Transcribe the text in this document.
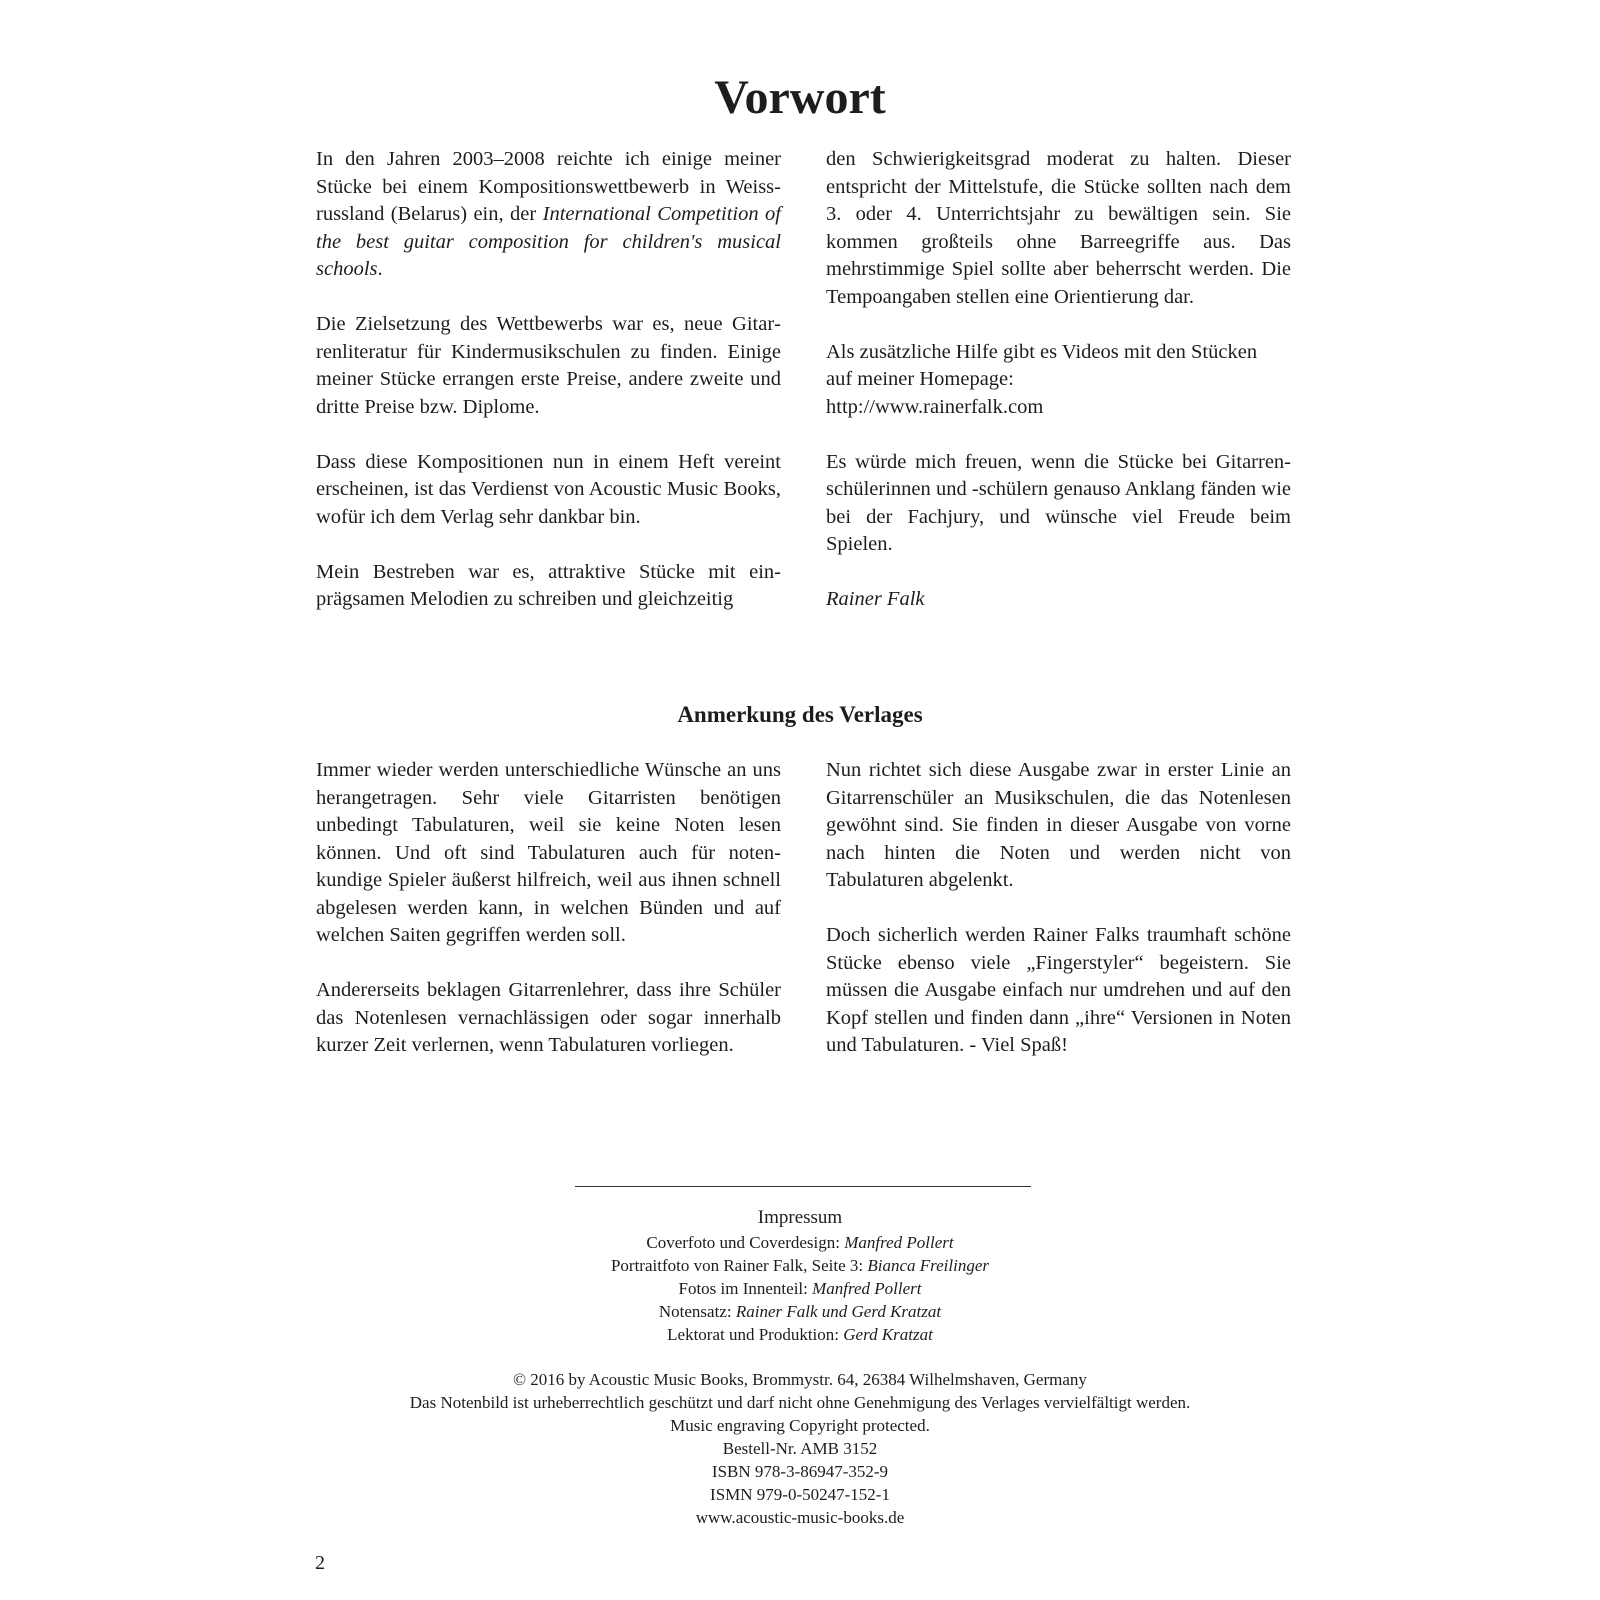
Vorwort

In den Jahren 2003–2008 reichte ich einige meiner Stücke bei einem Kompositionswettbewerb in Weissrussland (Belarus) ein, der International Competition of the best guitar composition for children's musical schools.

Die Zielsetzung des Wettbewerbs war es, neue Gitarrenliteratur für Kindermusikschulen zu finden. Einige meiner Stücke errangen erste Preise, andere zweite und dritte Preise bzw. Diplome.

Dass diese Kompositionen nun in einem Heft vereint erscheinen, ist das Verdienst von Acoustic Music Books, wofür ich dem Verlag sehr dankbar bin.

Mein Bestreben war es, attraktive Stücke mit einprägsamen Melodien zu schreiben und gleichzeitig

den Schwierigkeitsgrad moderat zu halten. Dieser entspricht der Mittelstufe, die Stücke sollten nach dem 3. oder 4. Unterrichtsjahr zu bewältigen sein. Sie kommen großteils ohne Barreegriffe aus. Das mehrstimmige Spiel sollte aber beherrscht werden. Die Tempoangaben stellen eine Orientierung dar.

Als zusätzliche Hilfe gibt es Videos mit den Stücken
auf meiner Homepage:
http://www.rainerfalk.com

Es würde mich freuen, wenn die Stücke bei Gitarrenschülerinnen und -schülern genauso Anklang fänden wie bei der Fachjury, und wünsche viel Freude beim Spielen.

Rainer Falk

Anmerkung des Verlages

Immer wieder werden unterschiedliche Wünsche an uns herangetragen. Sehr viele Gitarristen benötigen unbedingt Tabulaturen, weil sie keine Noten lesen können. Und oft sind Tabulaturen auch für notenkundige Spieler äußerst hilfreich, weil aus ihnen schnell abgelesen werden kann, in welchen Bünden und auf welchen Saiten gegriffen werden soll.

Andererseits beklagen Gitarrenlehrer, dass ihre Schüler das Notenlesen vernachlässigen oder sogar innerhalb kurzer Zeit verlernen, wenn Tabulaturen vorliegen.

Nun richtet sich diese Ausgabe zwar in erster Linie an Gitarrenschüler an Musikschulen, die das Notenlesen gewöhnt sind. Sie finden in dieser Ausgabe von vorne nach hinten die Noten und werden nicht von Tabulaturen abgelenkt.

Doch sicherlich werden Rainer Falks traumhaft schöne Stücke ebenso viele „Fingerstyler“ begeistern. Sie müssen die Ausgabe einfach nur umdrehen und auf den Kopf stellen und finden dann „ihre“ Versionen in Noten und Tabulaturen. - Viel Spaß!

Impressum
Coverfoto und Coverdesign: Manfred Pollert
Portraitfoto von Rainer Falk, Seite 3: Bianca Freilinger
Fotos im Innenteil: Manfred Pollert
Notensatz: Rainer Falk und Gerd Kratzat
Lektorat und Produktion: Gerd Kratzat
© 2016 by Acoustic Music Books, Brommystr. 64, 26384 Wilhelmshaven, Germany
Das Notenbild ist urheberrechtlich geschützt und darf nicht ohne Genehmigung des Verlages vervielfältigt werden.
Music engraving Copyright protected.
Bestell-Nr. AMB 3152
ISBN 978-3-86947-352-9
ISMN 979-0-50247-152-1
www.acoustic-music-books.de
2
